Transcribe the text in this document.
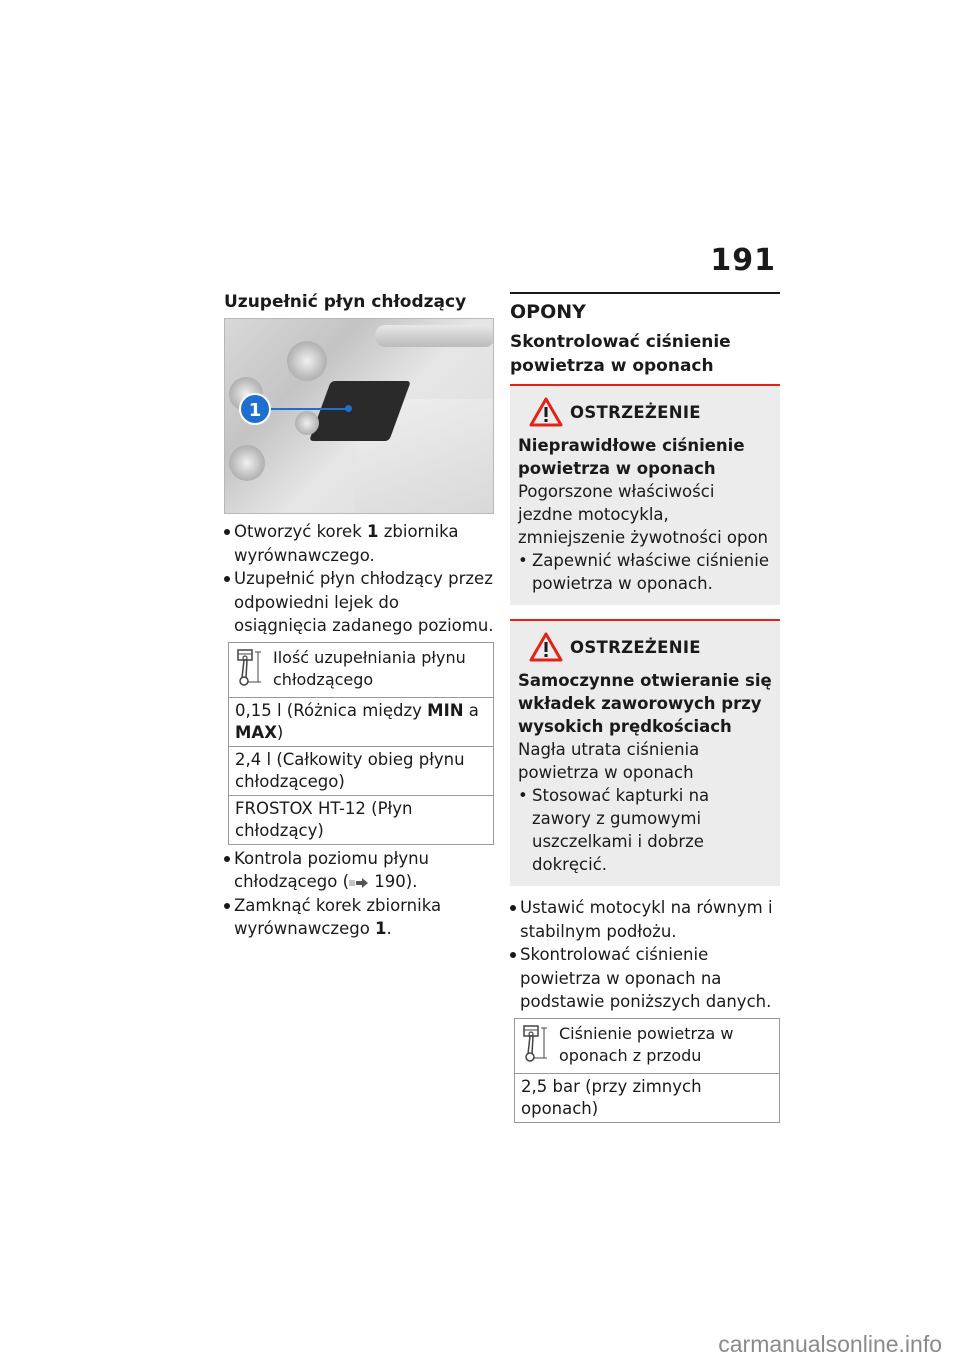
191
Uzupełnić płyn chłodzący
1
Otworzyć korek 1 zbiornika wyrównawczego.
Uzupełnić płyn chłodzący przez odpowiedni lejek do osiągnięcia zadanego poziomu.
Ilość uzupełniania płynu chłodzącego
0,15 l (Różnica między MIN a MAX)
2,4 l (Całkowity obieg płynu chłodzącego)
FROSTOX HT-12 (Płyn chłodzący)
Kontrola poziomu płynu chłodzącego ( 190).
Zamknąć korek zbiornika wyrównawczego 1.
OPONY
Skontrolować ciśnienie powietrza w oponach
OSTRZEŻENIE
Nieprawidłowe ciśnienie powietrza w oponach
Pogorszone właściwości jezdne motocykla, zmniejszenie żywotności opon
• Zapewnić właściwe ciśnienie powietrza w oponach.
OSTRZEŻENIE
Samoczynne otwieranie się wkładek zaworowych przy wysokich prędkościach
Nagła utrata ciśnienia powietrza w oponach
• Stosować kapturki na zawory z gumowymi uszczelkami i dobrze dokręcić.
Ustawić motocykl na równym i stabilnym podłożu.
Skontrolować ciśnienie powietrza w oponach na podstawie poniższych danych.
Ciśnienie powietrza w oponach z przodu
2,5 bar (przy zimnych oponach)
carmanualsonline.info
